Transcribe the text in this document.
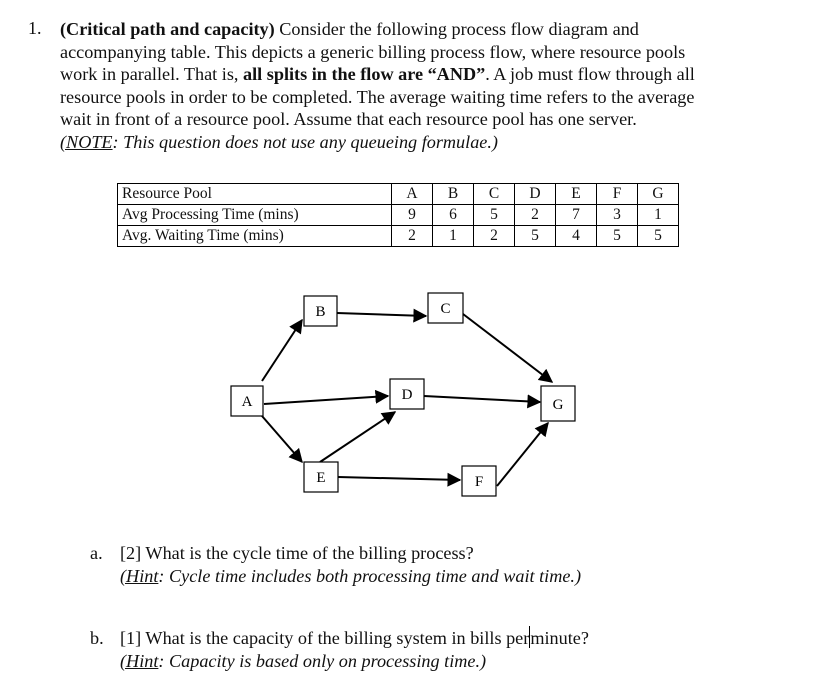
1. (Critical path and capacity) Consider the following process flow diagram and
accompanying table. This depicts a generic billing process flow, where resource pools
work in parallel. That is, all splits in the flow are “AND”. A job must flow through all
resource pools in order to be completed. The average waiting time refers to the average
wait in front of a resource pool. Assume that each resource pool has one server.
(NOTE: This question does not use any queueing formulae.)
Resource Pool	A	B	C	D	E	F	G
Avg Processing Time (mins)	9	6	5	2	7	3	1
Avg. Waiting Time (mins)	2	1	2	5	4	5	5
A
B	C
D
G
E	F
a. [2] What is the cycle time of the billing process?
(Hint: Cycle time includes both processing time and wait time.)
b. [1] What is the capacity of the billing system in bills perminute?
(Hint: Capacity is based only on processing time.)
